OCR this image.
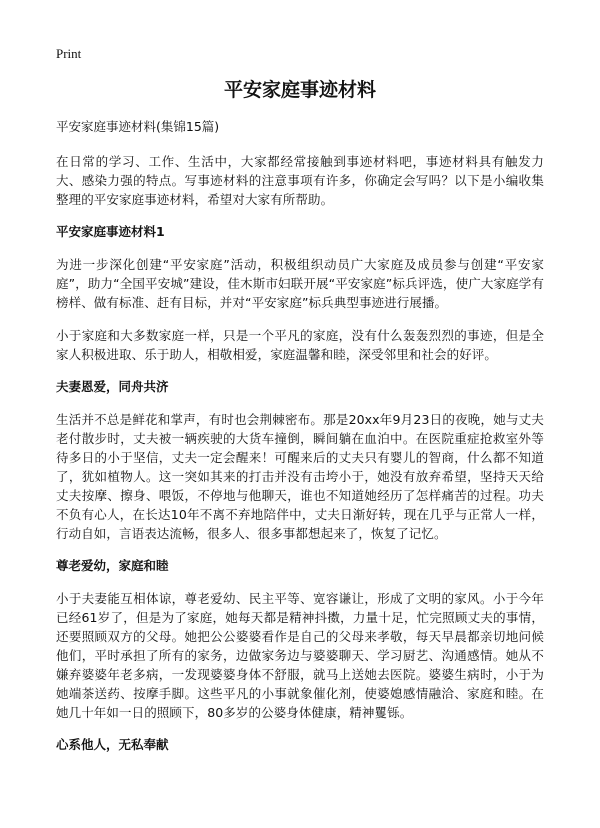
Print
平安家庭事迹材料

平安家庭事迹材料(集锦15篇)

在日常的学习、工作、生活中，大家都经常接触到事迹材料吧，事迹材料具有触发力大、感染力强的特点。写事迹材料的注意事项有许多，你确定会写吗？以下是小编收集整理的平安家庭事迹材料，希望对大家有所帮助。

平安家庭事迹材料1

为进一步深化创建“平安家庭”活动，积极组织动员广大家庭及成员参与创建“平安家庭”，助力“全国平安城”建设，佳木斯市妇联开展“平安家庭”标兵评选，使广大家庭学有榜样、做有标准、赶有目标，并对“平安家庭”标兵典型事迹进行展播。

小于家庭和大多数家庭一样，只是一个平凡的家庭，没有什么轰轰烈烈的事迹，但是全家人积极进取、乐于助人，相敬相爱，家庭温馨和睦，深受邻里和社会的好评。

夫妻恩爱，同舟共济

生活并不总是鲜花和掌声，有时也会荆棘密布。那是20xx年9月23日的夜晚，她与丈夫老付散步时，丈夫被一辆疾驶的大货车撞倒，瞬间躺在血泊中。在医院重症抢救室外等待多日的小于坚信，丈夫一定会醒来！可醒来后的丈夫只有婴儿的智商，什么都不知道了，犹如植物人。这一突如其来的打击并没有击垮小于，她没有放弃希望，坚持天天给丈夫按摩、擦身、喂饭，不停地与他聊天，谁也不知道她经历了怎样痛苦的过程。功夫不负有心人，在长达10年不离不弃地陪伴中，丈夫日渐好转，现在几乎与正常人一样，行动自如，言语表达流畅，很多人、很多事都想起来了，恢复了记忆。

尊老爱幼，家庭和睦

小于夫妻能互相体谅，尊老爱幼、民主平等、宽容谦让，形成了文明的家风。小于今年已经61岁了，但是为了家庭，她每天都是精神抖擞，力量十足，忙完照顾丈夫的事情，还要照顾双方的父母。她把公公婆婆看作是自己的父母来孝敬，每天早晨都亲切地问候他们，平时承担了所有的家务，边做家务边与婆婆聊天、学习厨艺、沟通感情。她从不嫌弃婆婆年老多病，一发现婆婆身体不舒服，就马上送她去医院。婆婆生病时，小于为她端茶送药、按摩手脚。这些平凡的小事就象催化剂，使婆媳感情融洽、家庭和睦。在她几十年如一日的照顾下，80多岁的公婆身体健康，精神矍铄。

心系他人，无私奉献
